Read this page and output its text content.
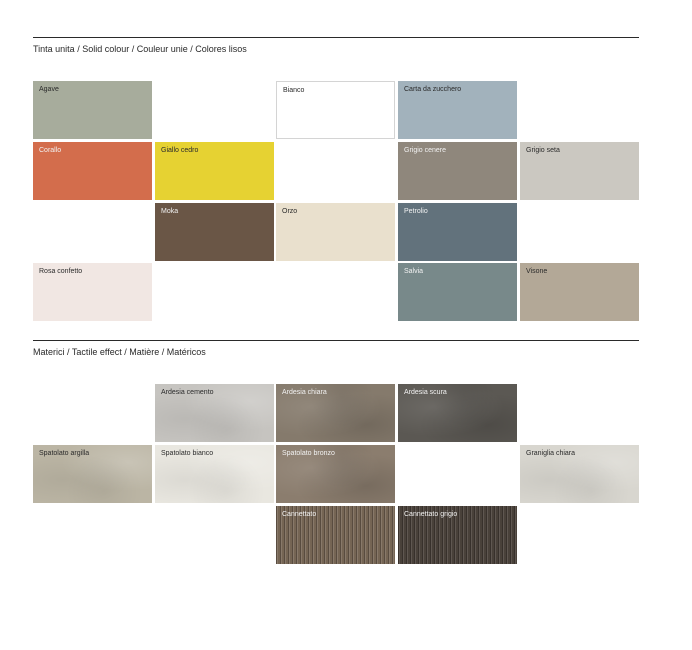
Tinta unita / Solid colour / Couleur unie / Colores lisos
Agave	Bianco	Carta da zucchero
Corallo	Giallo cedro	Grigio cenere	Grigio seta
Moka	Orzo	Petrolio
Rosa confetto	Salvia	Visone
Materici / Tactile effect / Matière / Matéricos
Ardesia cemento	Ardesia chiara	Ardesia scura
Spatolato argilla	Spatolato bianco	Spatolato bronzo	Graniglia chiara
Cannettato	Cannettato grigio
